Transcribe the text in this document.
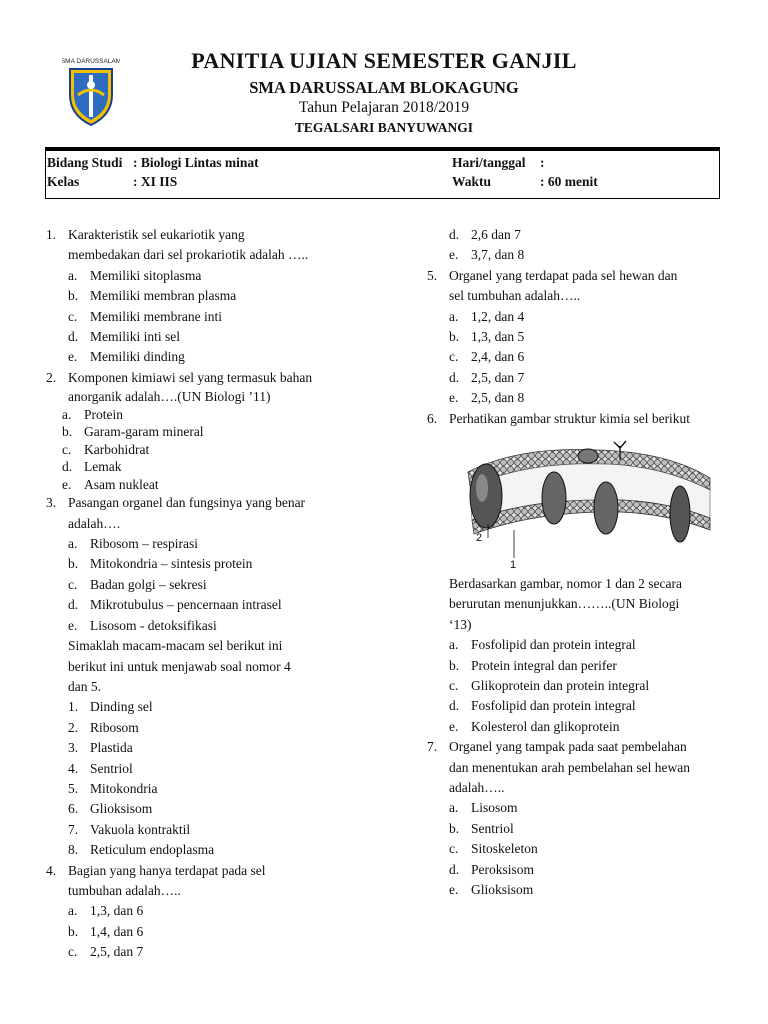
SMA DARUSSALAM	PANITIA UJIAN SEMESTER GANJIL
SMA DARUSSALAM BLOKAGUNG
Tahun Pelajaran 2018/2019
TEGALSARI BANYUWANGI
Bidang Studi : Biologi Lintas minat
Kelas	: XI IIS
Hari/tanggal :
Waktu	: 60 menit
1. Karakteristik sel eukariotik yang
membedakan dari sel prokariotik adalah …..
a. Memiliki sitoplasma
b. Memiliki membran plasma
c. Memiliki membrane inti
d. Memiliki inti sel
e. Memiliki dinding
2. Komponen kimiawi sel yang termasuk bahan
anorganik adalah….(UN Biologi ’11)
a. Protein
b. Garam-garam mineral
c. Karbohidrat
d. Lemak
e. Asam nukleat
3. Pasangan organel dan fungsinya yang benar
adalah….
a. Ribosom – respirasi
b. Mitokondria – sintesis protein
c. Badan golgi – sekresi
d. Mikrotubulus – pencernaan intrasel
e. Lisosom - detoksifikasi
Simaklah macam-macam sel berikut ini
berikut ini untuk menjawab soal nomor 4
dan 5.
1. Dinding sel
2. Ribosom
3. Plastida
4. Sentriol
5. Mitokondria
6. Glioksisom
7. Vakuola kontraktil
8. Reticulum endoplasma
4. Bagian yang hanya terdapat pada sel
tumbuhan adalah…..
a. 1,3, dan 6
b. 1,4, dan 6
c. 2,5, dan 7
d. 2,6 dan 7
e. 3,7, dan 8
5. Organel yang terdapat pada sel hewan dan
sel tumbuhan adalah…..
a. 1,2, dan 4
b. 1,3, dan 5
c. 2,4, dan 6
d. 2,5, dan 7
e. 2,5, dan 8
6. Perhatikan gambar struktur kimia sel berikut
2
1
Berdasarkan gambar, nomor 1 dan 2 secara
berurutan menunjukkan……..(UN Biologi
‘13)
a. Fosfolipid dan protein integral
b. Protein integral dan perifer
c. Glikoprotein dan protein integral
d. Fosfolipid dan protein integral
e. Kolesterol dan glikoprotein
7. Organel yang tampak pada saat pembelahan
dan menentukan arah pembelahan sel hewan
adalah…..
a. Lisosom
b. Sentriol
c. Sitoskeleton
d. Peroksisom
e. Glioksisom
